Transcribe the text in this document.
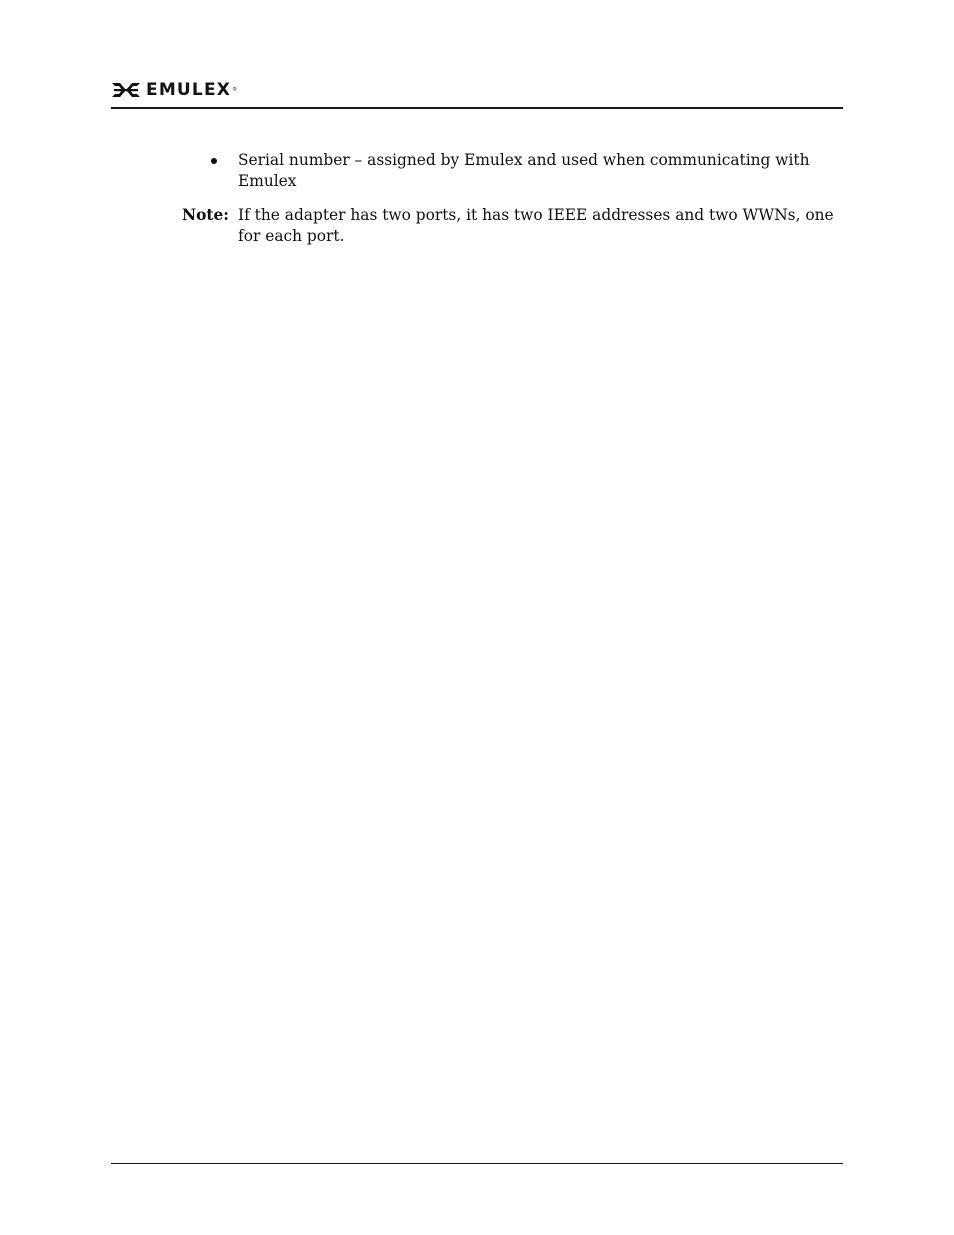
EMULEX ®
Serial number – assigned by Emulex and used when communicating with Emulex
Note: If the adapter has two ports, it has two IEEE addresses and two WWNs, one for each port.
